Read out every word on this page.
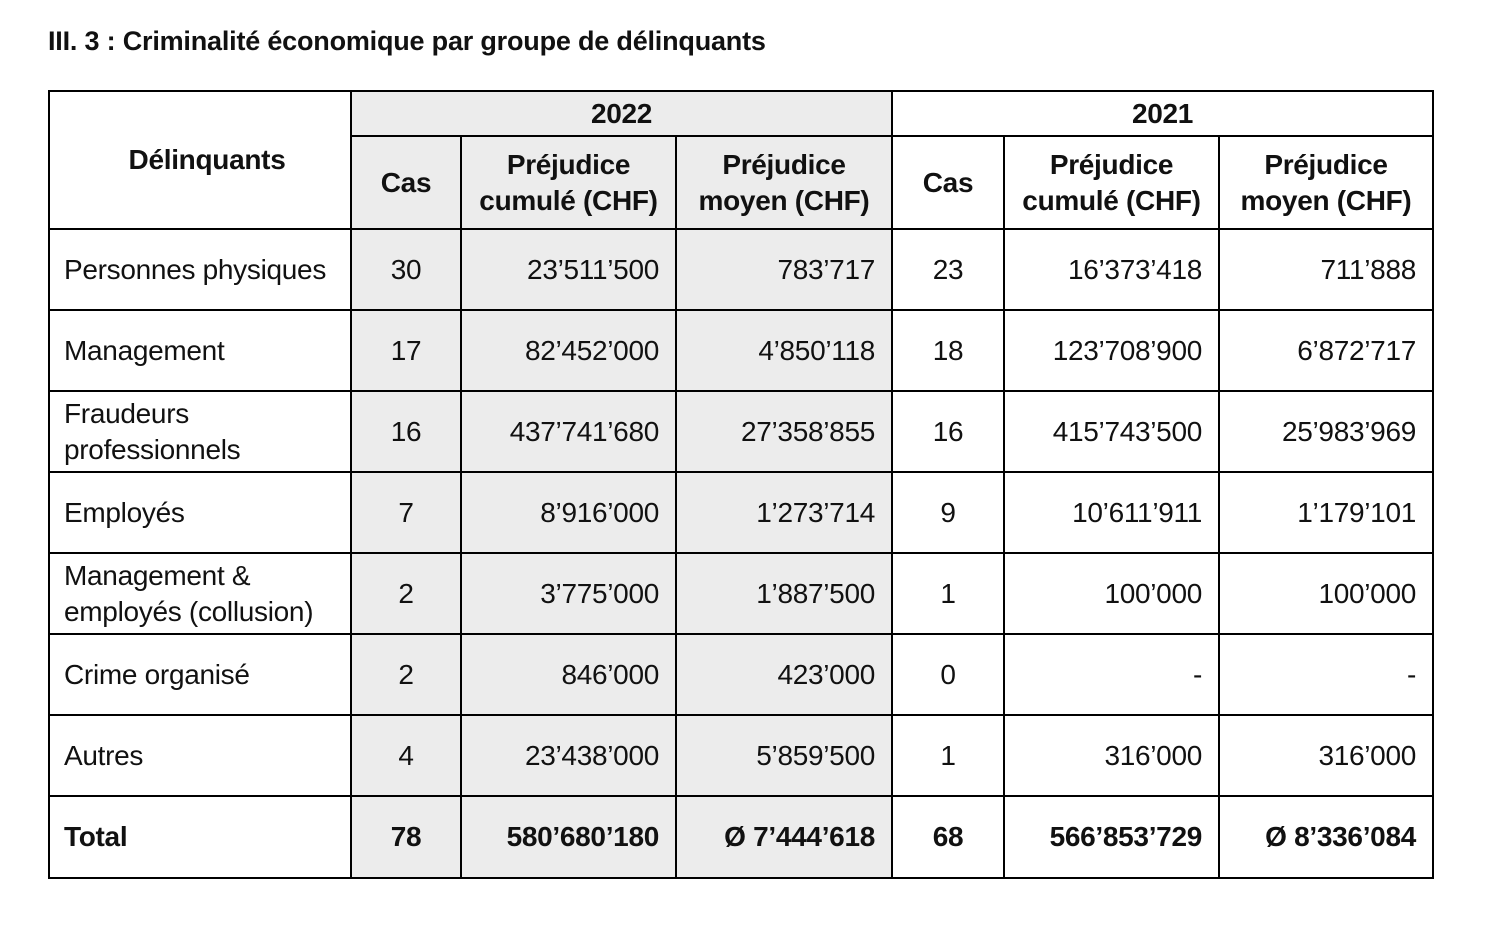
III. 3 : Criminalité économique par groupe de délinquants
Délinquants	2022			2021		
	Cas	Préjudice cumulé (CHF)	Préjudice moyen (CHF)	Cas	Préjudice cumulé (CHF)	Préjudice moyen (CHF)
Personnes physiques	30	23’511’500	783’717	23	16’373’418	711’888
Management	17	82’452’000	4’850’118	18	123’708’900	6’872’717
Fraudeurs professionnels	16	437’741’680	27’358’855	16	415’743’500	25’983’969
Employés	7	8’916’000	1’273’714	9	10’611’911	1’179’101
Management & employés (collusion)	2	3’775’000	1’887’500	1	100’000	100’000
Crime organisé	2	846’000	423’000	0	-	-
Autres	4	23’438’000	5’859’500	1	316’000	316’000
Total	78	580’680’180	Ø 7’444’618	68	566’853’729	Ø 8’336’084
